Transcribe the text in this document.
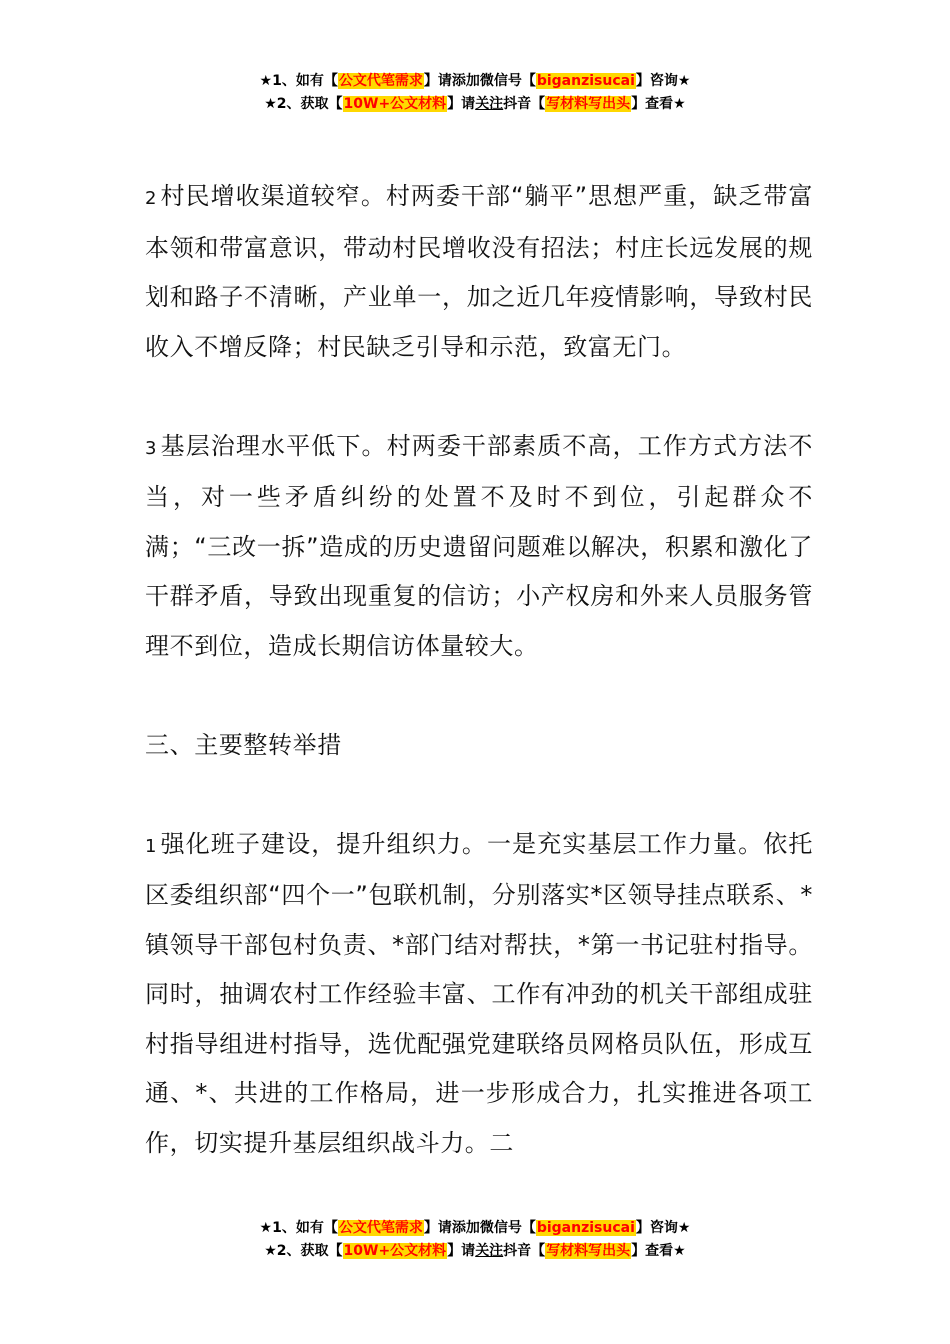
★1、如有【公文代笔需求】请添加微信号【biganzisucai】咨询★
★2、获取【10W+公文材料】请关注抖音【写材料写出头】查看★

2 村民增收渠道较窄。村两委干部“躺平”思想严重，缺乏带富本领和带富意识，带动村民增收没有招法；村庄长远发展的规划和路子不清晰，产业单一，加之近几年疫情影响，导致村民收入不增反降；村民缺乏引导和示范，致富无门。

3 基层治理水平低下。村两委干部素质不高，工作方式方法不当，对一些矛盾纠纷的处置不及时不到位，引起群众不满；“三改一拆”造成的历史遗留问题难以解决，积累和激化了干群矛盾，导致出现重复的信访；小产权房和外来人员服务管理不到位，造成长期信访体量较大。

三、主要整转举措

1 强化班子建设，提升组织力。一是充实基层工作力量。依托区委组织部“四个一”包联机制，分别落实*区领导挂点联系、*镇领导干部包村负责、*部门结对帮扶，*第一书记驻村指导。同时，抽调农村工作经验丰富、工作有冲劲的机关干部组成驻村指导组进村指导，选优配强党建联络员网格员队伍，形成互通、*、共进的工作格局，进一步形成合力，扎实推进各项工作，切实提升基层组织战斗力。二

★1、如有【公文代笔需求】请添加微信号【biganzisucai】咨询★
★2、获取【10W+公文材料】请关注抖音【写材料写出头】查看★
